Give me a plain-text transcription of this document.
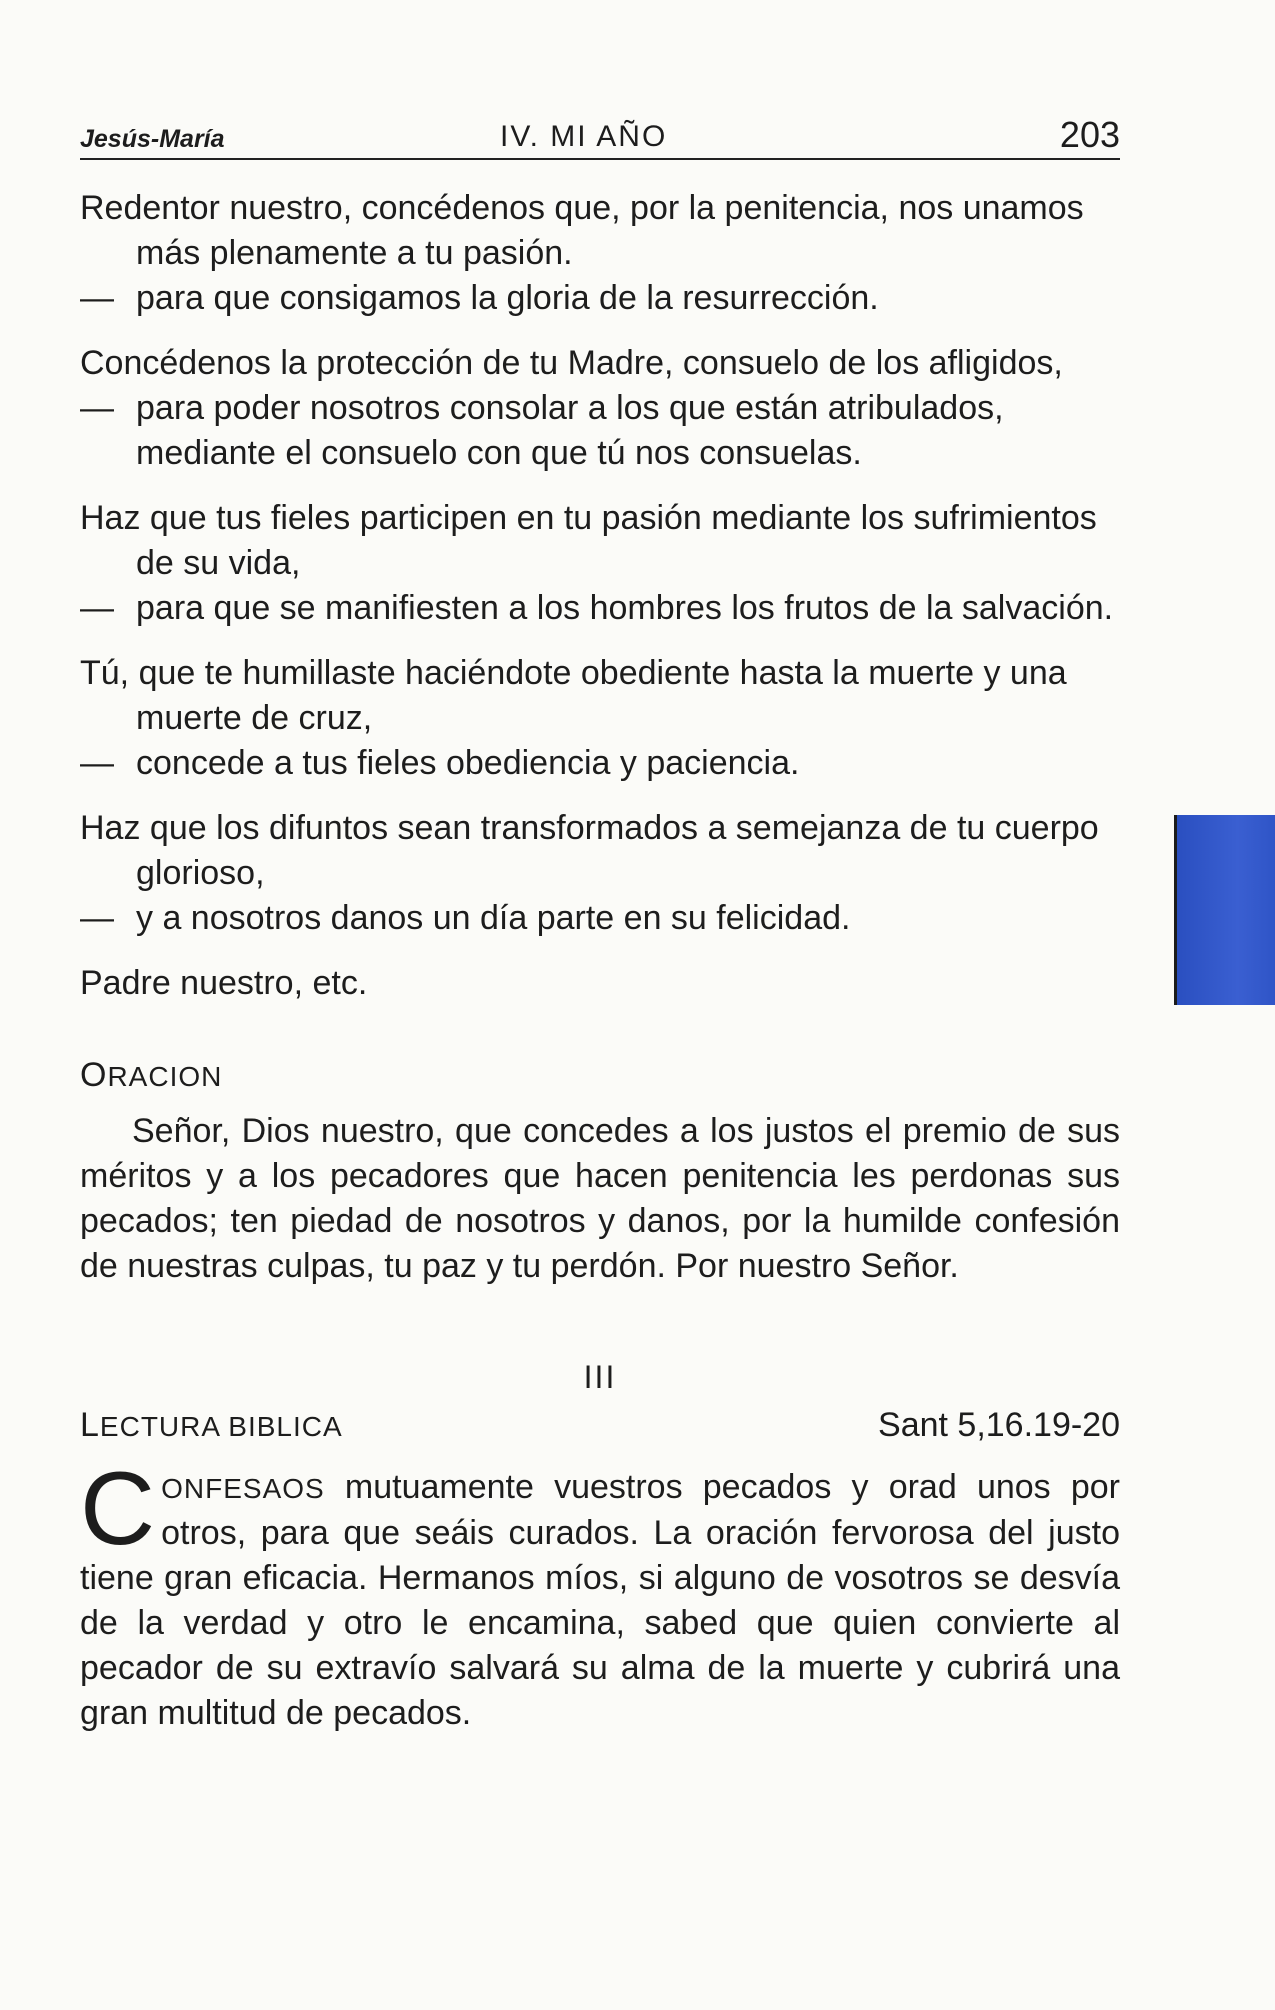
Jesús-María	IV. MI AÑO	203

Redentor nuestro, concédenos que, por la penitencia, nos unamos más plenamente a tu pasión.

— para que consigamos la gloria de la resurrección.

Concédenos la protección de tu Madre, consuelo de los afligidos,

— para poder nosotros consolar a los que están atribulados, mediante el consuelo con que tú nos consuelas.

Haz que tus fieles participen en tu pasión mediante los sufrimientos de su vida,

— para que se manifiesten a los hombres los frutos de la salvación.

Tú, que te humillaste haciéndote obediente hasta la muerte y una muerte de cruz,

— concede a tus fieles obediencia y paciencia.

Haz que los difuntos sean transformados a semejanza de tu cuerpo glorioso,

— y a nosotros danos un día parte en su felicidad.

Padre nuestro, etc.

ORACION

Señor, Dios nuestro, que concedes a los justos el premio de sus méritos y a los pecadores que hacen penitencia les perdonas sus pecados; ten piedad de nosotros y danos, por la humilde confesión de nuestras culpas, tu paz y tu perdón. Por nuestro Señor.

III
LECTURA BIBLICA	Sant 5,16.19-20
CONFESAOS mutuamente vuestros pecados y orad unos por otros, para que seáis curados. La oración fervorosa del justo tiene gran eficacia. Hermanos míos, si alguno de vosotros se desvía de la verdad y otro le encamina, sabed que quien convierte al pecador de su extravío salvará su alma de la muerte y cubrirá una gran multitud de pecados.
